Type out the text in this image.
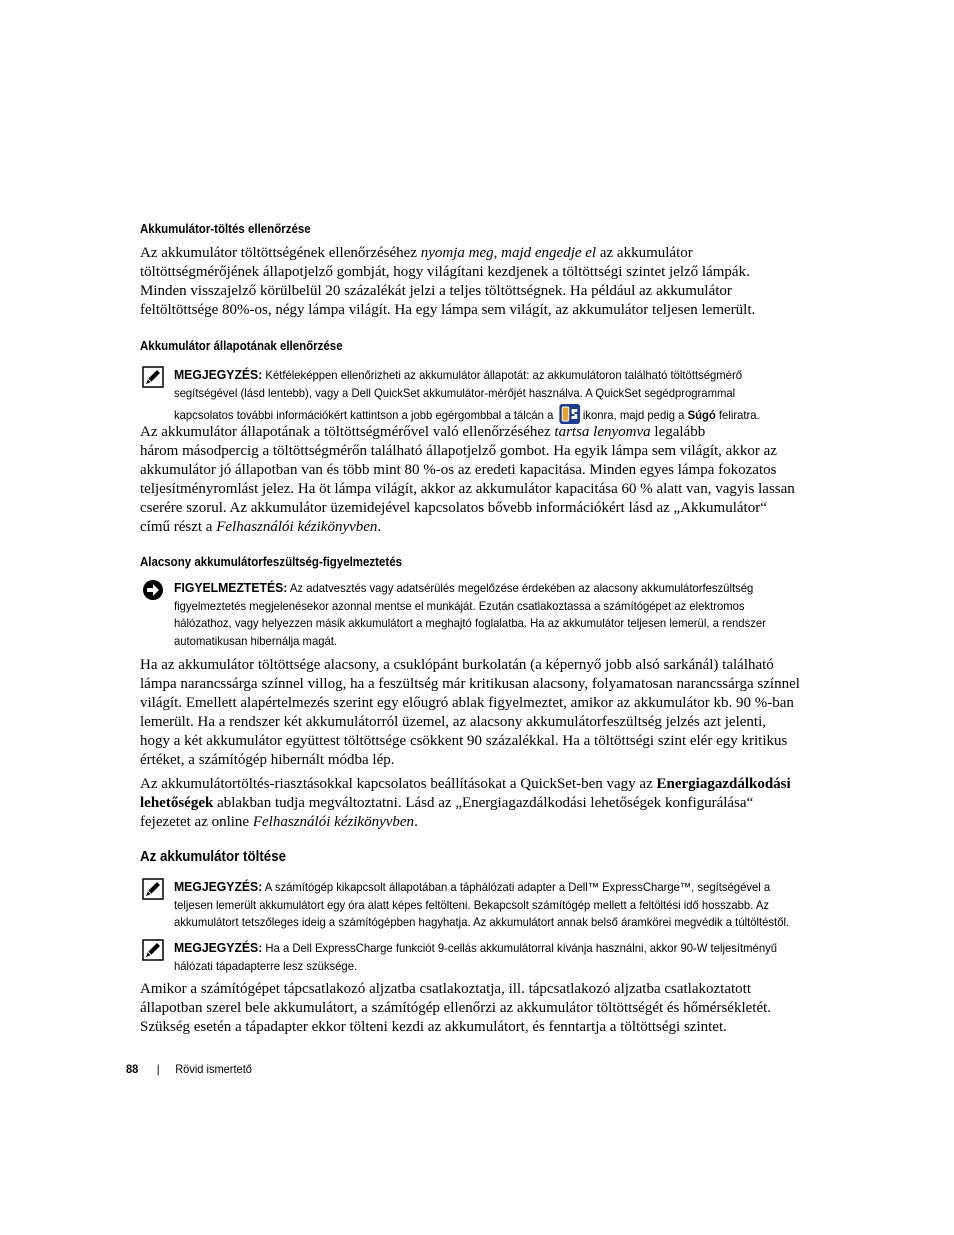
Akkumulátor-töltés ellenőrzése
Az akkumulátor töltöttségének ellenőrzéséhez nyomja meg, majd engedje el az akkumulátor
töltöttségmérőjének állapotjelző gombját, hogy világítani kezdjenek a töltöttségi szintet jelző lámpák.
Minden visszajelző körülbelül 20 százalékát jelzi a teljes töltöttségnek. Ha például az akkumulátor
feltöltöttsége 80%-os, négy lámpa világít. Ha egy lámpa sem világít, az akkumulátor teljesen lemerült.
Akkumulátor állapotának ellenőrzése
MEGJEGYZÉS: Kétféleképpen ellenőrizheti az akkumulátor állapotát: az akkumulátoron található töltöttségmérő
segítségével (lásd lentebb), vagy a Dell QuickSet akkumulátor-mérőjét használva. A QuickSet segédprogrammal
kapcsolatos további információkért kattintson a jobb egérgombbal a tálcán a ikonra, majd pedig a Súgó feliratra.
Az akkumulátor állapotának a töltöttségmérővel való ellenőrzéséhez tartsa lenyomva legalább
három másodpercig a töltöttségmérőn található állapotjelző gombot. Ha egyik lámpa sem világít, akkor az
akkumulátor jó állapotban van és több mint 80 %-os az eredeti kapacitása. Minden egyes lámpa fokozatos
teljesítményromlást jelez. Ha öt lámpa világít, akkor az akkumulátor kapacitása 60 % alatt van, vagyis lassan
cserére szorul. Az akkumulátor üzemidejével kapcsolatos bővebb információkért lásd az „Akkumulátor“
című részt a Felhasználói kézikönyvben.
Alacsony akkumulátorfeszültség-figyelmeztetés
FIGYELMEZTETÉS: Az adatvesztés vagy adatsérülés megelőzése érdekében az alacsony akkumulátorfeszültség
figyelmeztetés megjelenésekor azonnal mentse el munkáját. Ezután csatlakoztassa a számítógépet az elektromos
hálózathoz, vagy helyezzen másik akkumulátort a meghajtó foglalatba. Ha az akkumulátor teljesen lemerül, a rendszer
automatikusan hibernálja magát.
Ha az akkumulátor töltöttsége alacsony, a csuklópánt burkolatán (a képernyő jobb alsó sarkánál) található
lámpa narancssárga színnel villog, ha a feszültség már kritikusan alacsony, folyamatosan narancssárga színnel
világít. Emellett alapértelmezés szerint egy előugró ablak figyelmeztet, amikor az akkumulátor kb. 90 %-ban
lemerült. Ha a rendszer két akkumulátorról üzemel, az alacsony akkumulátorfeszültség jelzés azt jelenti,
hogy a két akkumulátor együttest töltöttsége csökkent 90 százalékkal. Ha a töltöttségi szint elér egy kritikus
értéket, a számítógép hibernált módba lép.
Az akkumulátortöltés-riasztásokkal kapcsolatos beállításokat a QuickSet-ben vagy az Energiagazdálkodási
lehetőségek ablakban tudja megváltoztatni. Lásd az „Energiagazdálkodási lehetőségek konfigurálása“
fejezetet az online Felhasználói kézikönyvben.
Az akkumulátor töltése
MEGJEGYZÉS: A számítógép kikapcsolt állapotában a táphálózati adapter a Dell™ ExpressCharge™, segítségével a
teljesen lemerült akkumulátort egy óra alatt képes feltölteni. Bekapcsolt számítógép mellett a feltöltési idő hosszabb. Az
akkumulátort tetszőleges ideig a számítógépben hagyhatja. Az akkumulátort annak belső áramkörei megvédik a túltöltéstől.
MEGJEGYZÉS: Ha a Dell ExpressCharge funkciót 9-cellás akkumulátorral kívánja használni, akkor 90-W teljesítményű
hálózati tápadapterre lesz szüksége.
Amikor a számítógépet tápcsatlakozó aljzatba csatlakoztatja, ill. tápcsatlakozó aljzatba csatlakoztatott
állapotban szerel bele akkumulátort, a számítógép ellenőrzi az akkumulátor töltöttségét és hőmérsékletét.
Szükség esetén a tápadapter ekkor tölteni kezdi az akkumulátort, és fenntartja a töltöttségi szintet.
88 | Rövid ismertető
